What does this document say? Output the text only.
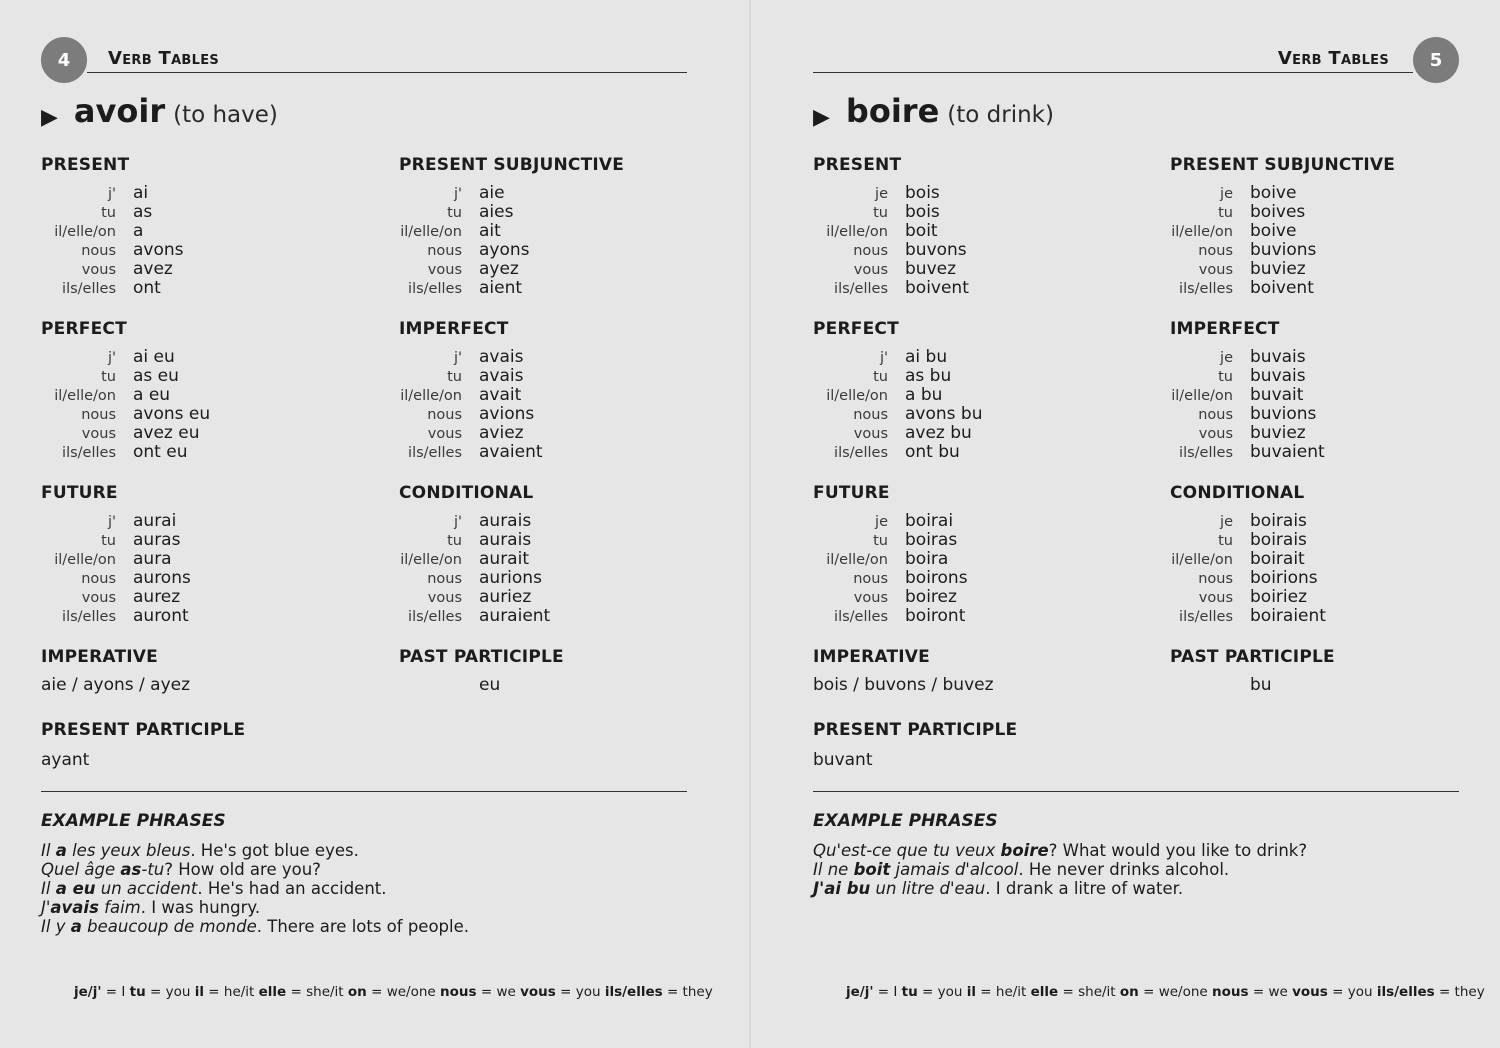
4	Verb Tables
▶ avoir (to have)
PRESENT
j' ai
tu as
il/elle/on a
nous avons
vous avez
ils/elles ont
PRESENT SUBJUNCTIVE
j' aie
tu aies
il/elle/on ait
nous ayons
vous ayez
ils/elles aient
PERFECT
j' ai eu
tu as eu
il/elle/on a eu
nous avons eu
vous avez eu
ils/elles ont eu
IMPERFECT
j' avais
tu avais
il/elle/on avait
nous avions
vous aviez
ils/elles avaient
FUTURE
j' aurai
tu auras
il/elle/on aura
nous aurons
vous aurez
ils/elles auront
CONDITIONAL
j' aurais
tu aurais
il/elle/on aurait
nous aurions
vous auriez
ils/elles auraient
IMPERATIVE
aie / ayons / ayez
PAST PARTICIPLE
eu
PRESENT PARTICIPLE
ayant
EXAMPLE PHRASES
Il a les yeux bleus. He's got blue eyes.
Quel âge as-tu? How old are you?
Il a eu un accident. He's had an accident.
J'avais faim. I was hungry.
Il y a beaucoup de monde. There are lots of people.
je/j' = I tu = you il = he/it elle = she/it on = we/one nous = we vous = you ils/elles = they
5
Verb Tables
▶ boire (to drink)
PRESENT
je bois
tu bois
il/elle/on boit
nous buvons
vous buvez
ils/elles boivent
PRESENT SUBJUNCTIVE
je boive
tu boives
il/elle/on boive
nous buvions
vous buviez
ils/elles boivent
PERFECT
j' ai bu
tu as bu
il/elle/on a bu
nous avons bu
vous avez bu
ils/elles ont bu
IMPERFECT
je buvais
tu buvais
il/elle/on buvait
nous buvions
vous buviez
ils/elles buvaient
FUTURE
je boirai
tu boiras
il/elle/on boira
nous boirons
vous boirez
ils/elles boiront
CONDITIONAL
je boirais
tu boirais
il/elle/on boirait
nous boirions
vous boiriez
ils/elles boiraient
IMPERATIVE
bois / buvons / buvez
PAST PARTICIPLE
bu
PRESENT PARTICIPLE
buvant
EXAMPLE PHRASES
Qu'est-ce que tu veux boire? What would you like to drink?
Il ne boit jamais d'alcool. He never drinks alcohol.
J'ai bu un litre d'eau. I drank a litre of water.
je/j' = I tu = you il = he/it elle = she/it on = we/one nous = we vous = you ils/elles = they
